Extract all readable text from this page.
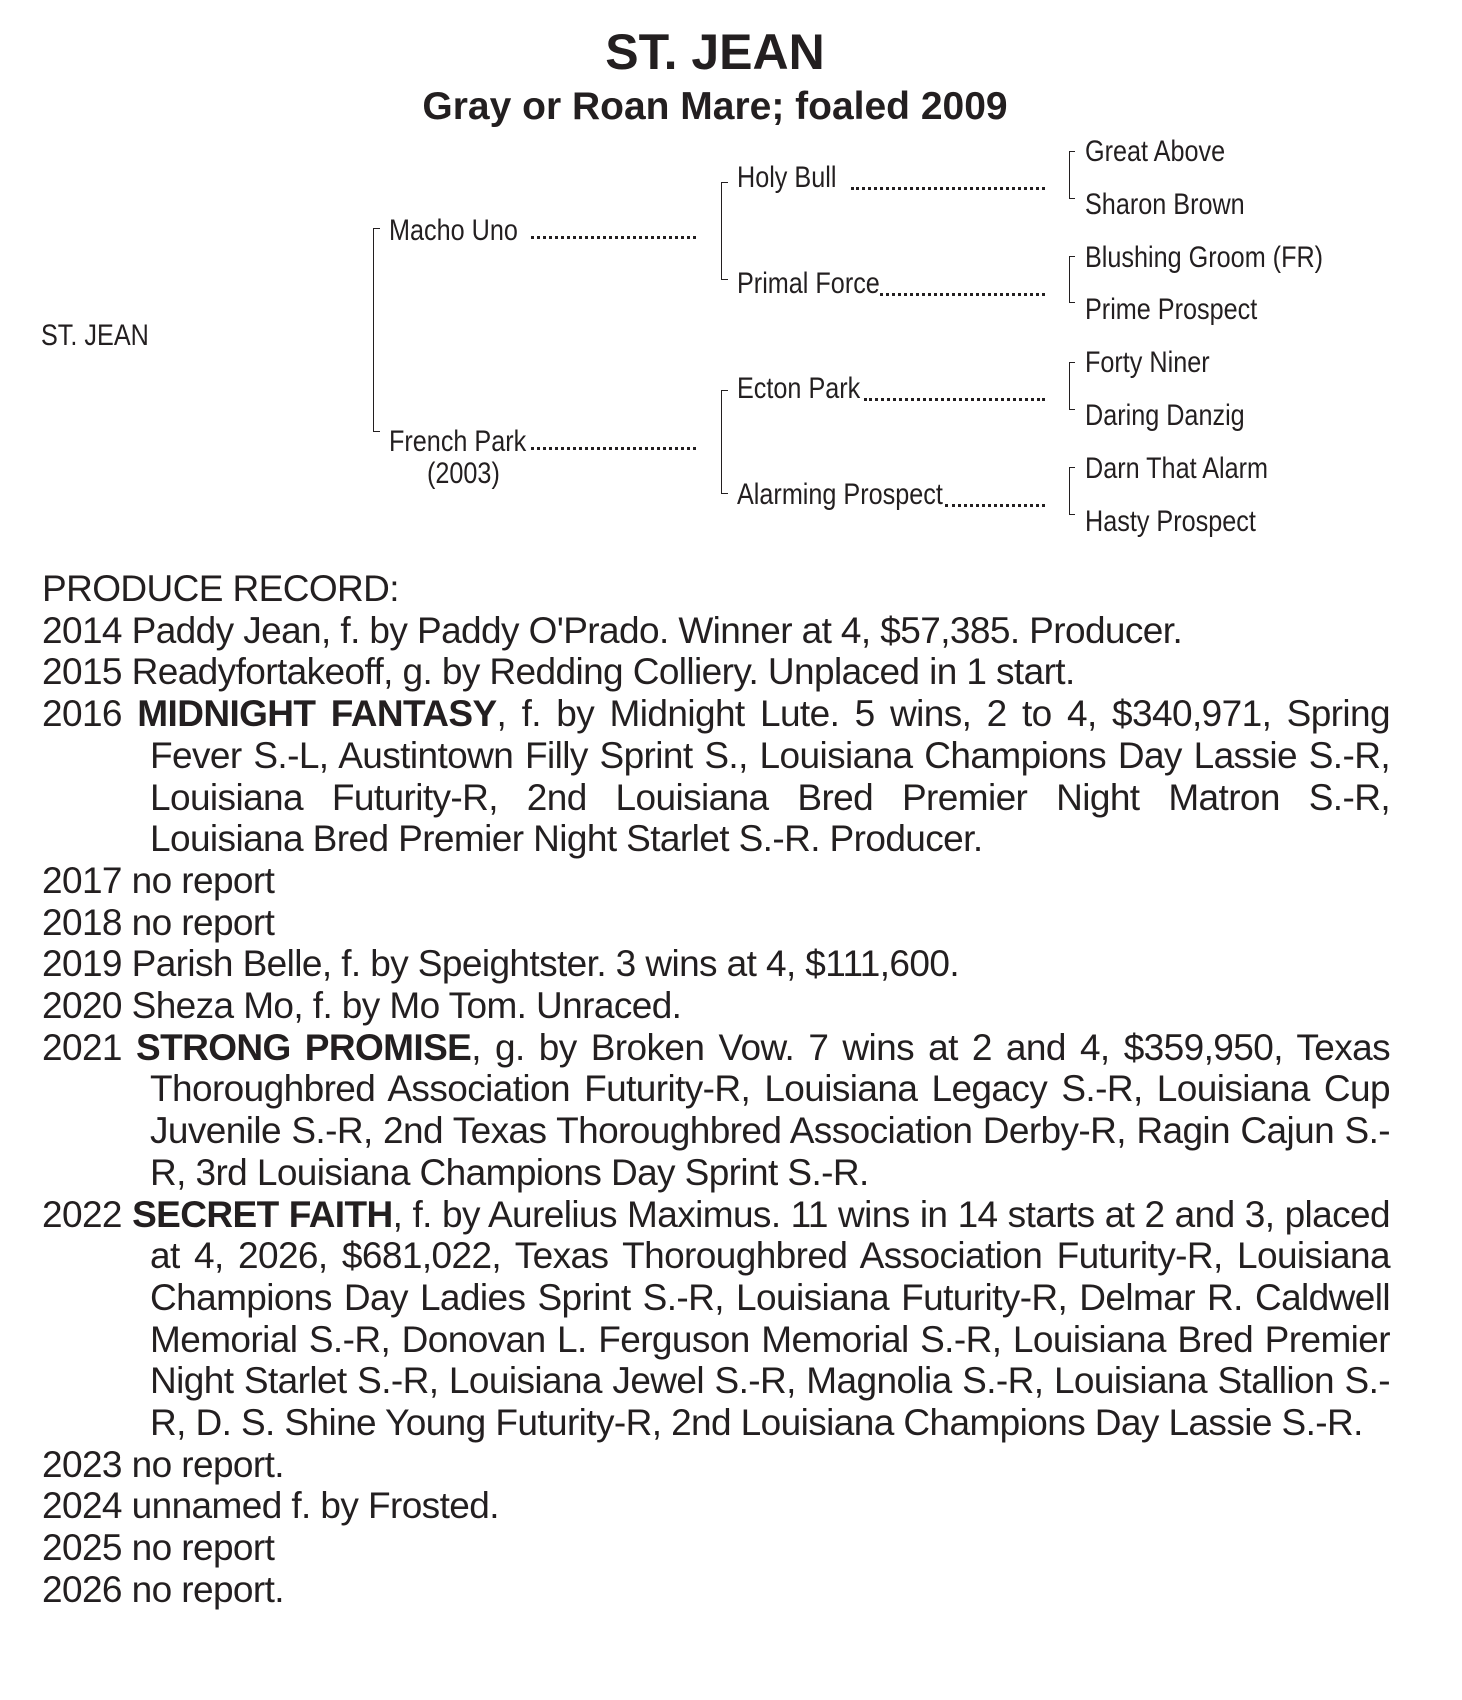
ST. JEAN
Gray or Roan Mare; foaled 2009
ST. JEAN
Macho Uno
French Park
(2003)
Holy Bull
Primal Force
Ecton Park
Alarming Prospect
Great Above
Sharon Brown
Blushing Groom (FR)
Prime Prospect
Forty Niner
Daring Danzig
Darn That Alarm
Hasty Prospect

PRODUCE RECORD:

2014 Paddy Jean, f. by Paddy O'Prado. Winner at 4, $57,385. Producer.

2015 Readyfortakeoff, g. by Redding Colliery. Unplaced in 1 start.

2016 MIDNIGHT FANTASY, f. by Midnight Lute. 5 wins, 2 to 4, $340,971, Spring Fever S.-L, Austintown Filly Sprint S., Louisiana Champions Day Lassie S.-R, Louisiana Futurity-R, 2nd Louisiana Bred Premier Night Matron S.-R, Louisiana Bred Premier Night Starlet S.-R. Producer.

2017 no report

2018 no report

2019 Parish Belle, f. by Speightster. 3 wins at 4, $111,600.

2020 Sheza Mo, f. by Mo Tom. Unraced.

2021 STRONG PROMISE, g. by Broken Vow. 7 wins at 2 and 4, $359,950, Texas Thoroughbred Association Futurity-R, Louisiana Legacy S.-R, Louisiana Cup Juvenile S.-R, 2nd Texas Thoroughbred Association Derby-R, Ragin Cajun S.-R, 3rd Louisiana Champions Day Sprint S.-R.

2022 SECRET FAITH, f. by Aurelius Maximus. 11 wins in 14 starts at 2 and 3, placed at 4, 2026, $681,022, Texas Thoroughbred Association Futurity-R, Louisiana Champions Day Ladies Sprint S.-R, Louisiana Futurity-R, Delmar R. Caldwell Memorial S.-R, Donovan L. Ferguson Memorial S.-R, Louisiana Bred Premier Night Starlet S.-R, Louisiana Jewel S.-R, Magnolia S.-R, Louisiana Stallion S.-R, D. S. Shine Young Futurity-R, 2nd Louisiana Champions Day Lassie S.-R.

2023 no report.

2024 unnamed f. by Frosted.

2025 no report

2026 no report.
